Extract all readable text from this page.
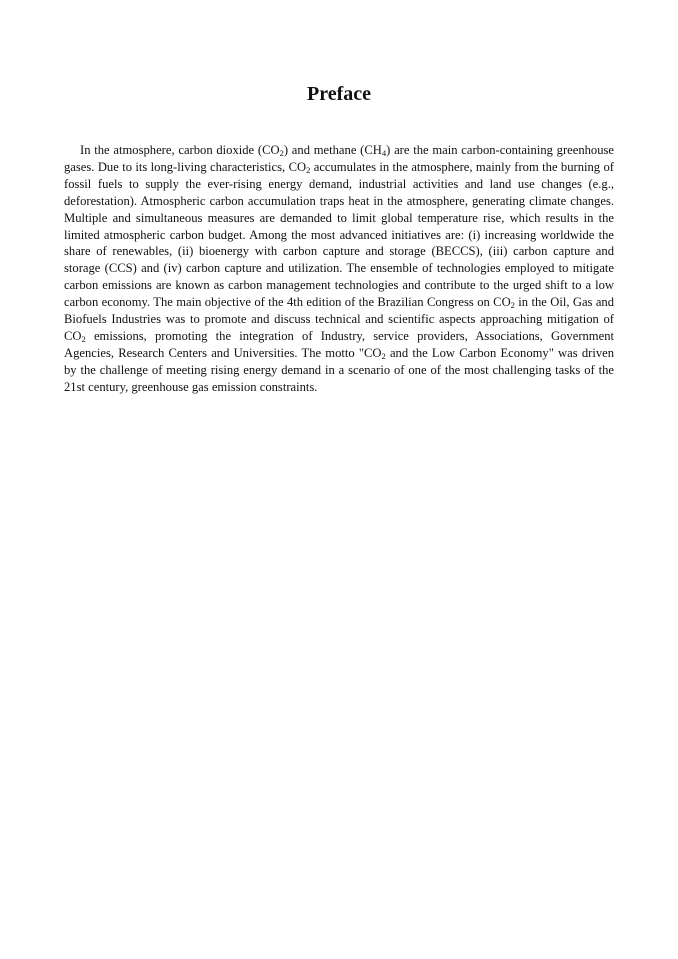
Preface

In the atmosphere, carbon dioxide $(CO_2)$ and methane $(CH_4)$ are the main carbon-containing greenhouse gases. Due to its long-living characteristics, $CO_2$ accumulates in the atmosphere, mainly from the burning of fossil fuels to supply the ever-rising energy demand, industrial activities and land use changes (e.g., deforestation). Atmospheric carbon accumulation traps heat in the atmosphere, generating climate changes. Multiple and simultaneous measures are demanded to limit global temperature rise, which results in the limited atmospheric carbon budget. Among the most advanced initiatives are: (i) increasing worldwide the share of renewables, (ii) bioenergy with carbon capture and storage (BECCS), (iii) carbon capture and storage (CCS) and (iv) carbon capture and utilization. The ensemble of technologies employed to mitigate carbon emissions are known as carbon management technologies and contribute to the urged shift to a low carbon economy. The main objective of the 4th edition of the Brazilian Congress on $CO_2$ in the Oil, Gas and Biofuels Industries was to promote and discuss technical and scientific aspects approaching mitigation of $CO_2$ emissions, promoting the integration of Industry, service providers, Associations, Government Agencies, Research Centers and Universities. The motto "$CO_2$ and the Low Carbon Economy" was driven by the challenge of meeting rising energy demand in a scenario of one of the most challenging tasks of the 21st century, greenhouse gas emission constraints.
